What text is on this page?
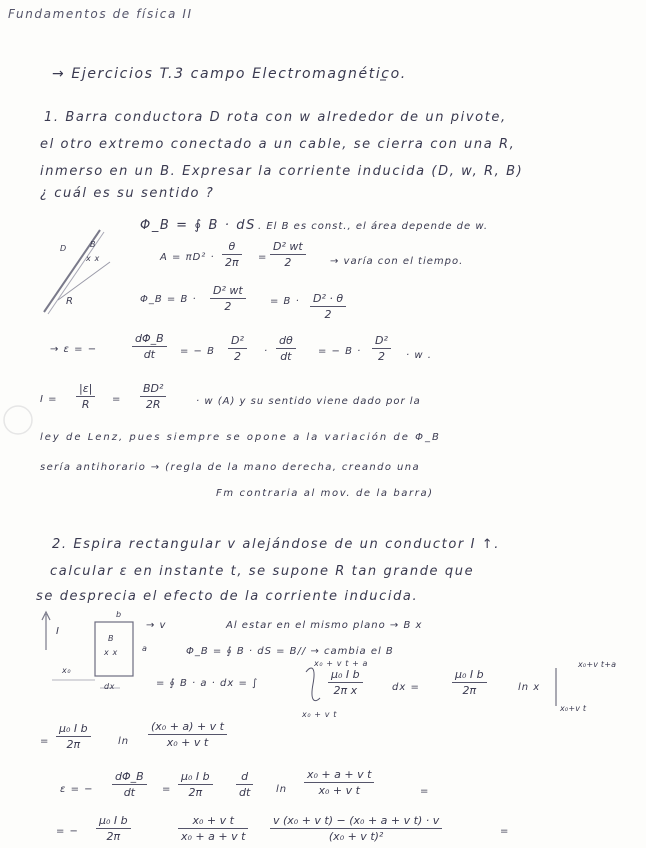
Fundamentos de física II
→ Ejercicios T.3 campo Electromagnético.
1. Barra conductora D rota con w alrededor de un pivote,
el otro extremo conectado a un cable, se cierra con una R,
inmerso en un B. Expresar la corriente inducida (D, w, R, B)
¿ cuál es su sentido ?
Φ_B = ∮ B · dS . El B es const., el área depende de w.
D	B
x x
R
A = πD² ·
θ
2π	=
D² wt
2	→ varía con el tiempo.
Φ_B = B ·
D² wt
2	= B · D² · θ
2
→ ε = −
dΦ_B
dt	= − B
D²
2	·
dθ
dt	= − B ·
D²
2	· w .
I =
|ε|
R	=
BD²
2R	· w (A) y su sentido viene dado por la
ley de Lenz, pues siempre se opone a la variación de Φ_B
sería antihorario → (regla de la mano derecha, creando una
Fm contraria al mov. de la barra)
2. Espira rectangular v alejándose de un conductor I ↑.
calcular ε en instante t, se supone R tan grande que
se desprecia el efecto de la corriente inducida.
I
b
B
x x	a
x₀
dx
→ v	Al estar en el mismo plano → B x
Φ_B = ∮ B · dS = B// → cambia el B
= ∮ B · a · dx = ∫
x₀ + v t + a
x₀ + v t
μ₀ I b
2π x	dx =
μ₀ I b
2π	ln x
x₀+v t+a
x₀+v t
=
μ₀ I b
2π	ln
(x₀ + a) + v t
x₀ + v t
ε = −
dΦ_B
dt	=
μ₀ I b
2π
d
dt	ln
x₀ + a + v t
x₀ + v t	=
= −
μ₀ I b
2π
x₀ + v t
x₀ + a + v t
v (x₀ + v t) − (x₀ + a + v t) · v
(x₀ + v t)²	=
